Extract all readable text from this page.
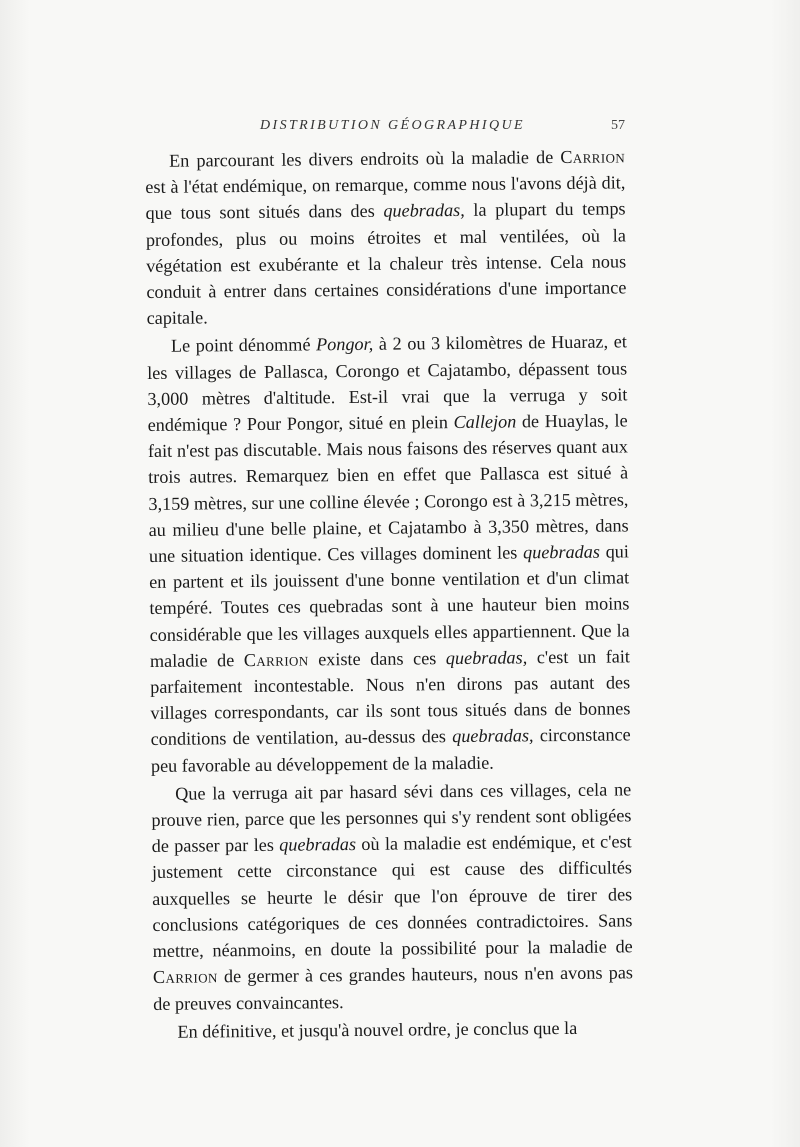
DISTRIBUTION GÉOGRAPHIQUE	57

En parcourant les divers endroits où la maladie de Carrion est à l'état endémique, on remarque, comme nous l'avons déjà dit, que tous sont situés dans des quebradas, la plupart du temps profondes, plus ou moins étroites et mal ventilées, où la végétation est exubérante et la chaleur très intense. Cela nous conduit à entrer dans certaines considérations d'une importance capitale.

Le point dénommé Pongor, à 2 ou 3 kilomètres de Huaraz, et les villages de Pallasca, Corongo et Cajatambo, dépassent tous 3,000 mètres d'altitude. Est-il vrai que la verruga y soit endémique ? Pour Pongor, situé en plein Callejon de Huaylas, le fait n'est pas discutable. Mais nous faisons des réserves quant aux trois autres. Remarquez bien en effet que Pallasca est situé à 3,159 mètres, sur une colline élevée ; Corongo est à 3,215 mètres, au milieu d'une belle plaine, et Cajatambo à 3,350 mètres, dans une situation identique. Ces villages dominent les quebradas qui en partent et ils jouissent d'une bonne ventilation et d'un climat tempéré. Toutes ces quebradas sont à une hauteur bien moins considérable que les villages auxquels elles appartiennent. Que la maladie de Carrion existe dans ces quebradas, c'est un fait parfaitement incontestable. Nous n'en dirons pas autant des villages correspondants, car ils sont tous situés dans de bonnes conditions de ventilation, au-dessus des quebradas, circonstance peu favorable au développement de la maladie.

Que la verruga ait par hasard sévi dans ces villages, cela ne prouve rien, parce que les personnes qui s'y rendent sont obligées de passer par les quebradas où la maladie est endémique, et c'est justement cette circonstance qui est cause des difficultés auxquelles se heurte le désir que l'on éprouve de tirer des conclusions catégoriques de ces données contradictoires. Sans mettre, néanmoins, en doute la possibilité pour la maladie de Carrion de germer à ces grandes hauteurs, nous n'en avons pas de preuves convaincantes.

En définitive, et jusqu'à nouvel ordre, je conclus que la
